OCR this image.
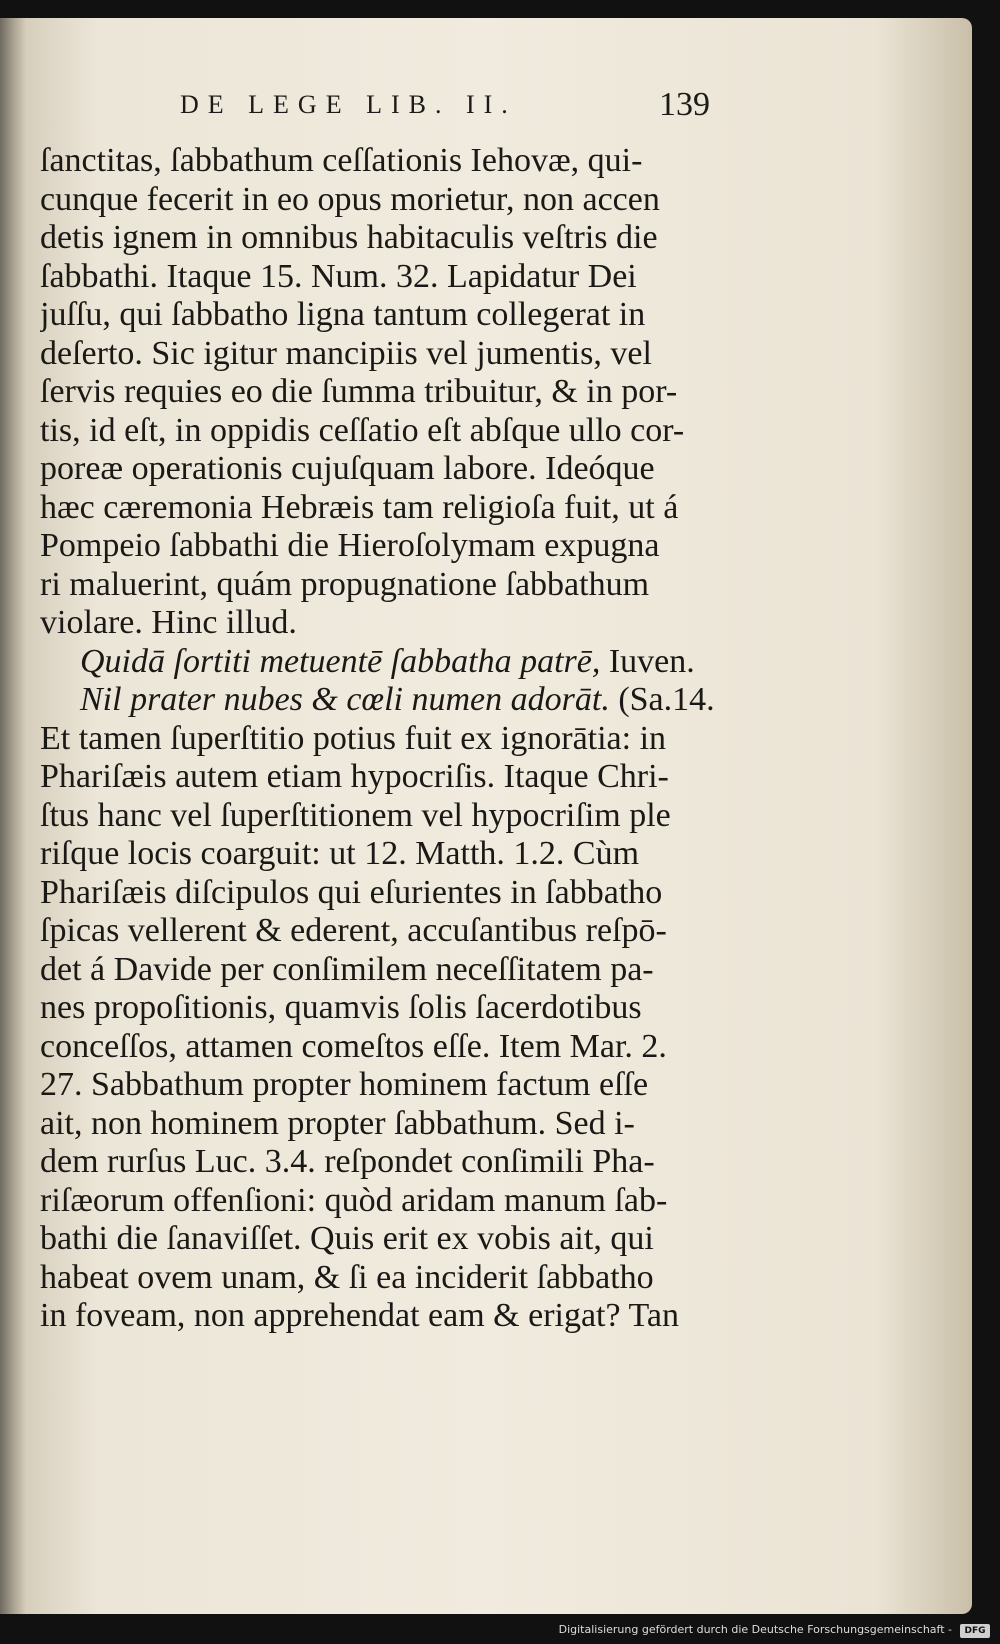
DE LEGE LIB. II.	139
ſanctitas, ſabbathum ceſſationis Iehovæ, qui-
cunque fecerit in eo opus morietur, non accen
detis ignem in omnibus habitaculis veſtris die
ſabbathi. Itaque 15. Num. 32. Lapidatur Dei
juſſu, qui ſabbatho ligna tantum collegerat in
deſerto. Sic igitur mancipiis vel jumentis, vel
ſervis requies eo die ſumma tribuitur, & in por-
tis, id eſt, in oppidis ceſſatio eſt abſque ullo cor-
poreæ operationis cujuſquam labore. Ideóque
hæc cæremonia Hebræis tam religioſa fuit, ut á
Pompeio ſabbathi die Hieroſolymam expugna
ri maluerint, quám propugnatione ſabbathum
violare. Hinc illud.
Quidā ſortiti metuentē ſabbatha patrē, Iuven.
Nil prater nubes & cœli numen adorāt. (Sa.14.
Et tamen ſuperſtitio potius fuit ex ignorātia: in
Phariſæis autem etiam hypocriſis. Itaque Chri-
ſtus hanc vel ſuperſtitionem vel hypocriſim ple
riſque locis coarguit: ut 12. Matth. 1.2. Cùm
Phariſæis diſcipulos qui eſurientes in ſabbatho
ſpicas vellerent & ederent, accuſantibus reſpō-
det á Davide per conſimilem neceſſitatem pa-
nes propoſitionis, quamvis ſolis ſacerdotibus
conceſſos, attamen comeſtos eſſe. Item Mar. 2.
27. Sabbathum propter hominem factum eſſe
ait, non hominem propter ſabbathum. Sed i-
dem rurſus Luc. 3.4. reſpondet conſimili Pha-
riſæorum offenſioni: quòd aridam manum ſab-
bathi die ſanaviſſet. Quis erit ex vobis ait, qui
habeat ovem unam, & ſi ea inciderit ſabbatho
in foveam, non apprehendat eam & erigat? Tan
Digitalisierung gefördert durch die Deutsche Forschungsgemeinschaft -	DFG
